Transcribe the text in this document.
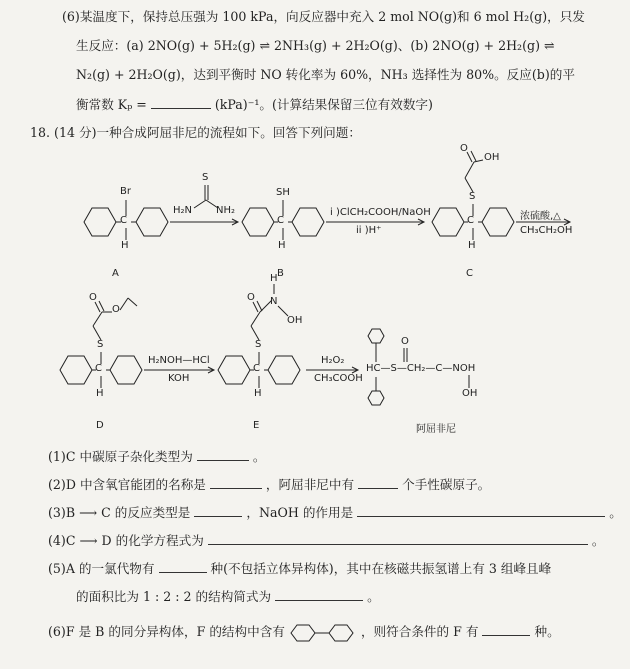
(6)某温度下，保持总压强为 100 kPa，向反应器中充入 2 mol NO(g)和 6 mol H₂(g)，只发
生反应：(a) 2NO(g) + 5H₂(g) ⇌ 2NH₃(g) + 2H₂O(g)、(b) 2NO(g) + 2H₂(g) ⇌
N₂(g) + 2H₂O(g)，达到平衡时 NO 转化率为 60%，NH₃ 选择性为 80%。反应(b)的平
衡常数 Kₚ =	(kPa)⁻¹。(计算结果保留三位有效数字)
18. (14 分)一种合成阿屈非尼的流程如下。回答下列问题：
Br
C
H
A
S
H₂N NH₂
SH
C
H
B
i )ClCH₂COOH/NaOH
ii )H⁺
O
OH
S
C
H
C
浓硫酸,△
CH₃CH₂OH
O
O
S
C
H
D
H₂NOH—HCl
KOH
H
N
OH
O
S
C
H
E
H₂O₂
CH₃COOH
O
HC—S—CH₂—C—NOH
OH
阿屈非尼
(1)C 中碳原子杂化类型为	。
(2)D 中含氧官能团的名称是	，阿屈非尼中有	个手性碳原子。
(3)B ⟶ C 的反应类型是	，NaOH 的作用是	。
(4)C ⟶ D 的化学方程式为	。
(5)A 的一氯代物有	种(不包括立体异构体)，其中在核磁共振氢谱上有 3 组峰且峰
的面积比为 1 : 2 : 2 的结构简式为	。
(6)F 是 B 的同分异构体，F 的结构中含有	，则符合条件的 F 有	种。
